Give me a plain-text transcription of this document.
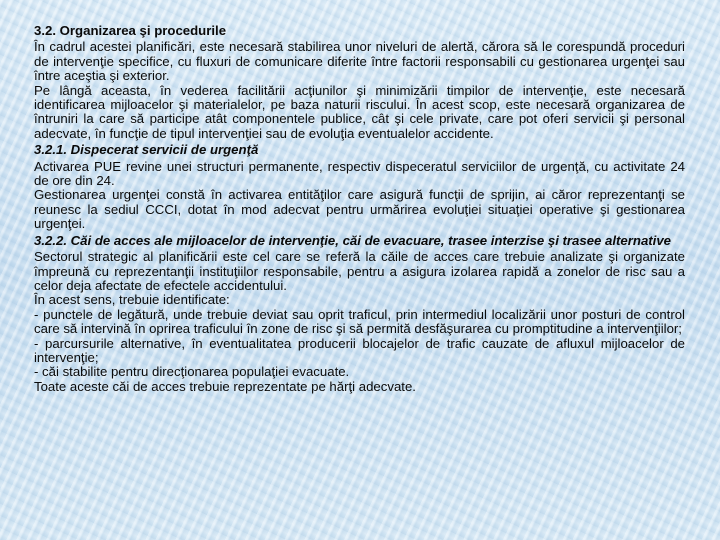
3.2. Organizarea şi procedurile

În cadrul acestei planificări, este necesară stabilirea unor niveluri de alertă, cărora să le corespundă proceduri de intervenţie specifice, cu fluxuri de comunicare diferite între factorii responsabili cu gestionarea urgenţei sau între aceştia şi exterior.

Pe lângă aceasta, în vederea facilitării acţiunilor şi minimizării timpilor de intervenţie, este necesară identificarea mijloacelor şi materialelor, pe baza naturii riscului. În acest scop, este necesară organizarea de întruniri la care să participe atât componentele publice, cât şi cele private, care pot oferi servicii şi personal adecvate, în funcţie de tipul intervenţiei sau de evoluţia eventualelor accidente.

3.2.1. Dispecerat servicii de urgenţă

Activarea PUE revine unei structuri permanente, respectiv dispeceratul serviciilor de urgenţă, cu activitate 24 de ore din 24.

Gestionarea urgenţei constă în activarea entităţilor care asigură funcţii de sprijin, ai căror reprezentanţi se reunesc la sediul CCCI, dotat în mod adecvat pentru urmărirea evoluţiei situaţiei operative şi gestionarea urgenţei.

3.2.2. Căi de acces ale mijloacelor de intervenţie, căi de evacuare, trasee interzise şi trasee alternative

Sectorul strategic al planificării este cel care se referă la căile de acces care trebuie analizate şi organizate împreună cu reprezentanţii instituţiilor responsabile, pentru a asigura izolarea rapidă a zonelor de risc sau a celor deja afectate de efectele accidentului.

În acest sens, trebuie identificate:

- punctele de legătură, unde trebuie deviat sau oprit traficul, prin intermediul localizării unor posturi de control care să intervină în oprirea traficului în zone de risc şi să permită desfăşurarea cu promptitudine a intervenţiilor;

- parcursurile alternative, în eventualitatea producerii blocajelor de trafic cauzate de afluxul mijloacelor de intervenţie;

- căi stabilite pentru direcţionarea populaţiei evacuate.

Toate aceste căi de acces trebuie reprezentate pe hărţi adecvate.
